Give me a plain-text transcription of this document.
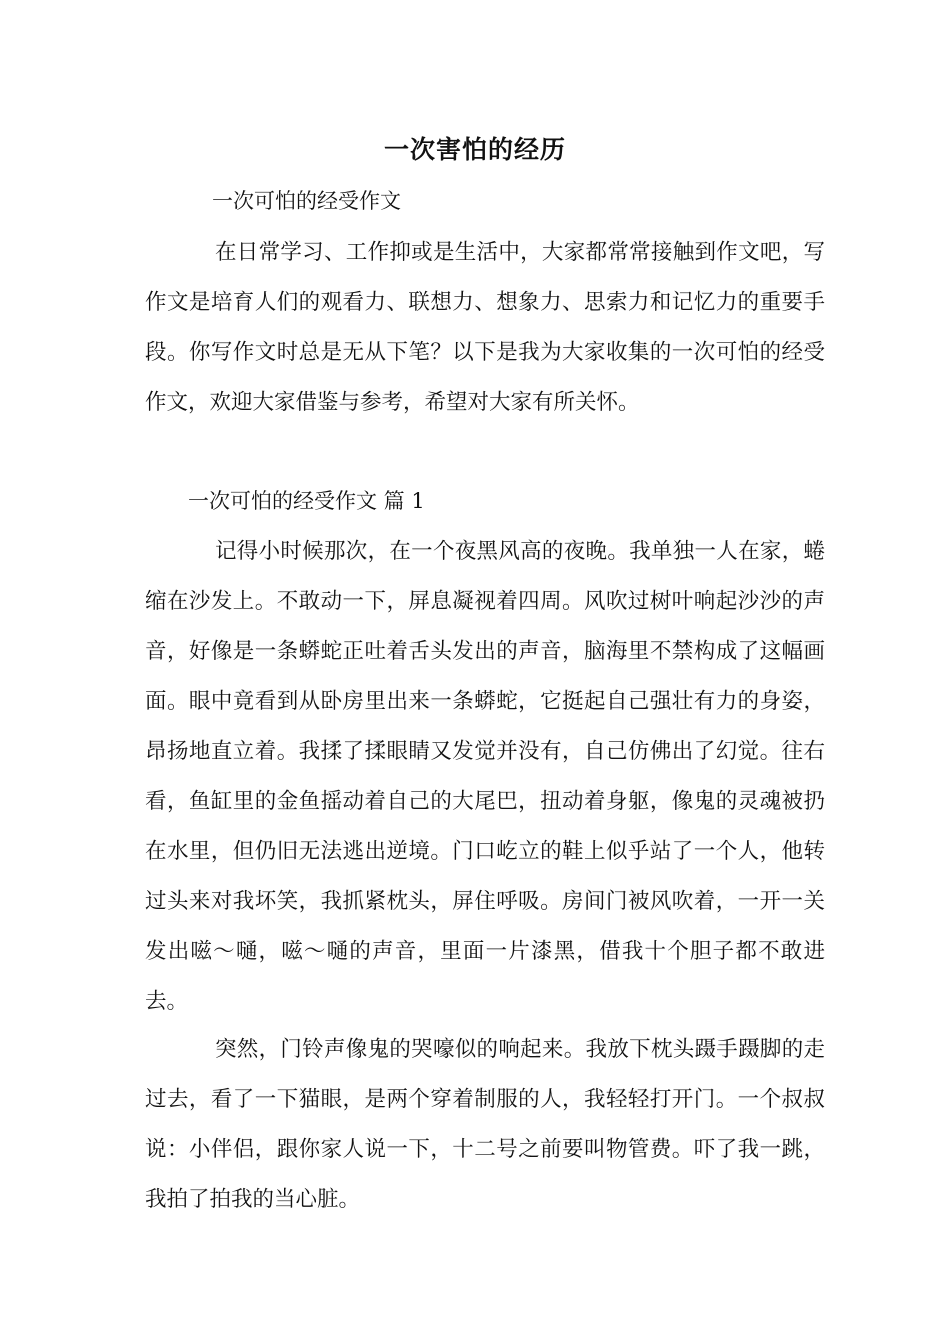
一次害怕的经历
一次可怕的经受作文

在日常学习、工作抑或是生活中，大家都常常接触到作文吧，写作文是培育人们的观看力、联想力、想象力、思索力和记忆力的重要手段。你写作文时总是无从下笔？以下是我为大家收集的一次可怕的经受作文，欢迎大家借鉴与参考，希望对大家有所关怀。

一次可怕的经受作文 篇 1

记得小时候那次，在一个夜黑风高的夜晚。我单独一人在家，蜷缩在沙发上。不敢动一下，屏息凝视着四周。风吹过树叶响起沙沙的声音，好像是一条蟒蛇正吐着舌头发出的声音，脑海里不禁构成了这幅画面。眼中竟看到从卧房里出来一条蟒蛇，它挺起自己强壮有力的身姿，昂扬地直立着。我揉了揉眼睛又发觉并没有，自己仿佛出了幻觉。往右看，鱼缸里的金鱼摇动着自己的大尾巴，扭动着身躯，像鬼的灵魂被扔在水里，但仍旧无法逃出逆境。门口屹立的鞋上似乎站了一个人，他转过头来对我坏笑，我抓紧枕头，屏住呼吸。房间门被风吹着，一开一关发出嗞～嗵，嗞～嗵的声音，里面一片漆黑，借我十个胆子都不敢进去。

突然，门铃声像鬼的哭嚎似的响起来。我放下枕头蹑手蹑脚的走过去，看了一下猫眼，是两个穿着制服的人，我轻轻打开门。一个叔叔说：小伴侣，跟你家人说一下，十二号之前要叫物管费。吓了我一跳，我拍了拍我的当心脏。
